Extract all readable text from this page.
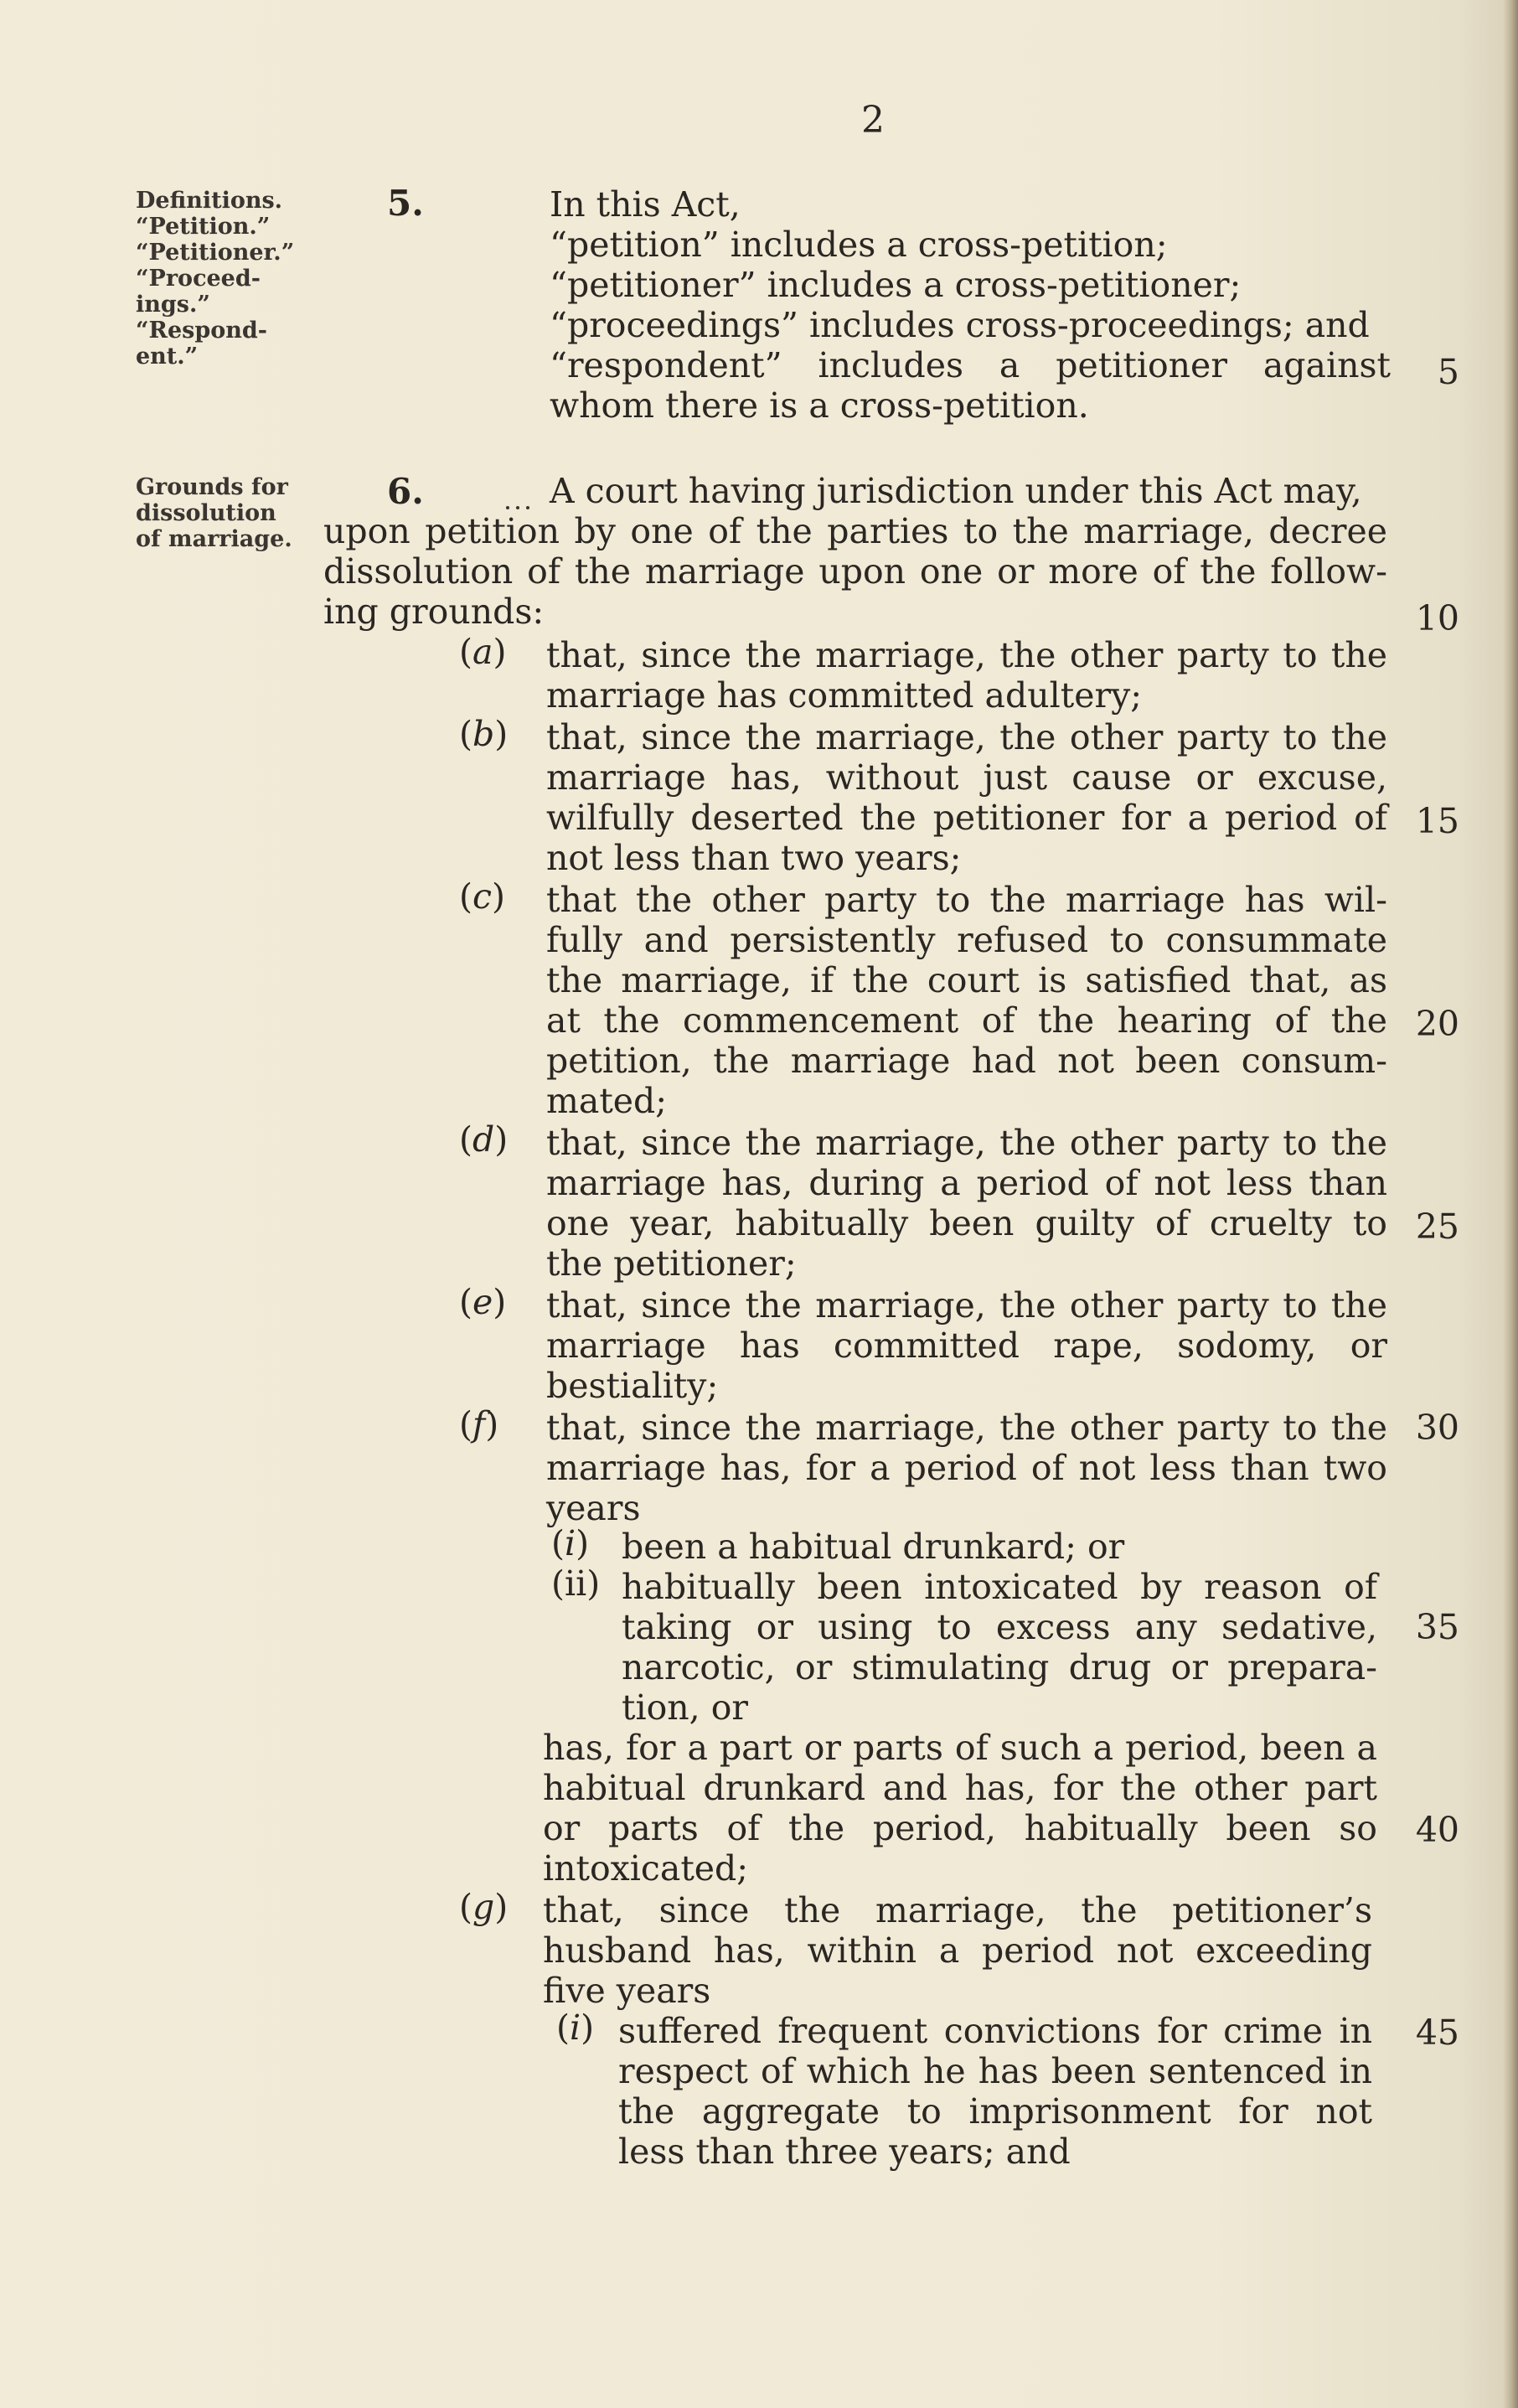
2
Definitions.
“Petition.”
“Petitioner.”
“Proceed-
ings.”
“Respond-
ent.”
Grounds for
dissolution
of marriage.
5.	In this Act,
“petition” includes a cross-petition;
“petitioner” includes a cross-petitioner;
“proceedings” includes cross-proceedings; and
“respondent” includes a petitioner against
whom there is a cross-petition.
5
6.	A court having jurisdiction under this Act may,
upon petition by one of the parties to the marriage, decree
dissolution of the marriage upon one or more of the follow-
ing grounds:	10
(a) that, since the marriage, the other party to the
marriage has committed adultery;
(b) that, since the marriage, the other party to the
marriage has, without just cause or excuse,
wilfully deserted the petitioner for a period of
not less than two years;
15
(c) that the other party to the marriage has wil-
fully and persistently refused to consummate
the marriage, if the court is satisfied that, as
at the commencement of the hearing of the
petition, the marriage had not been consum-
mated;
20
(d) that, since the marriage, the other party to the
marriage has, during a period of not less than
one year, habitually been guilty of cruelty to
the petitioner;
25
(e) that, since the marriage, the other party to the
marriage has committed rape, sodomy, or
bestiality;
(f) that, since the marriage, the other party to the
marriage has, for a period of not less than two
years
30
(i) been a habitual drunkard; or
(ii) habitually been intoxicated by reason of
taking or using to excess any sedative,
narcotic, or stimulating drug or prepara-
tion, or
35
has, for a part or parts of such a period, been a
habitual drunkard and has, for the other part
or parts of the period, habitually been so
intoxicated;
40
(g) that, since the marriage, the petitioner’s
husband has, within a period not exceeding
five years
(i) suffered frequent convictions for crime in
respect of which he has been sentenced in
the aggregate to imprisonment for not
less than three years; and
45
